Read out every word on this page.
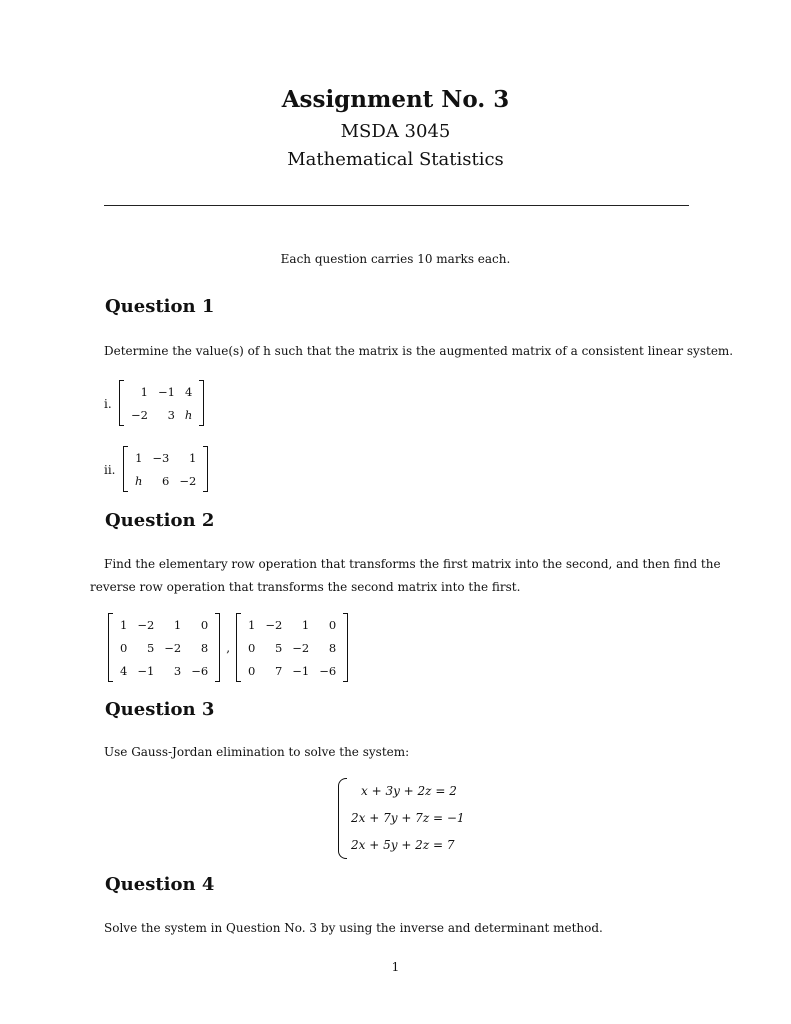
Assignment No. 3
MSDA 3045
Mathematical Statistics
Each question carries 10 marks each.
Question 1
Determine the value(s) of h such that the matrix is the augmented matrix of a consistent linear system.
i.
1	−1	4
−2	3	h
ii.
1	−3	1
h	6	−2
Question 2
Find the elementary row operation that transforms the first matrix into the second, and then find the
reverse row operation that transforms the second matrix into the first.
1	−2	1	0
0	5	−2	8
4	−1	3	−6
,
1	−2	1	0
0	5	−2	8
0	7	−1	−6
Question 3
Use Gauss-Jordan elimination to solve the system:
x + 3y + 2z = 2
2x + 7y + 7z = −1
2x + 5y + 2z = 7
Question 4
Solve the system in Question No. 3 by using the inverse and determinant method.
1
